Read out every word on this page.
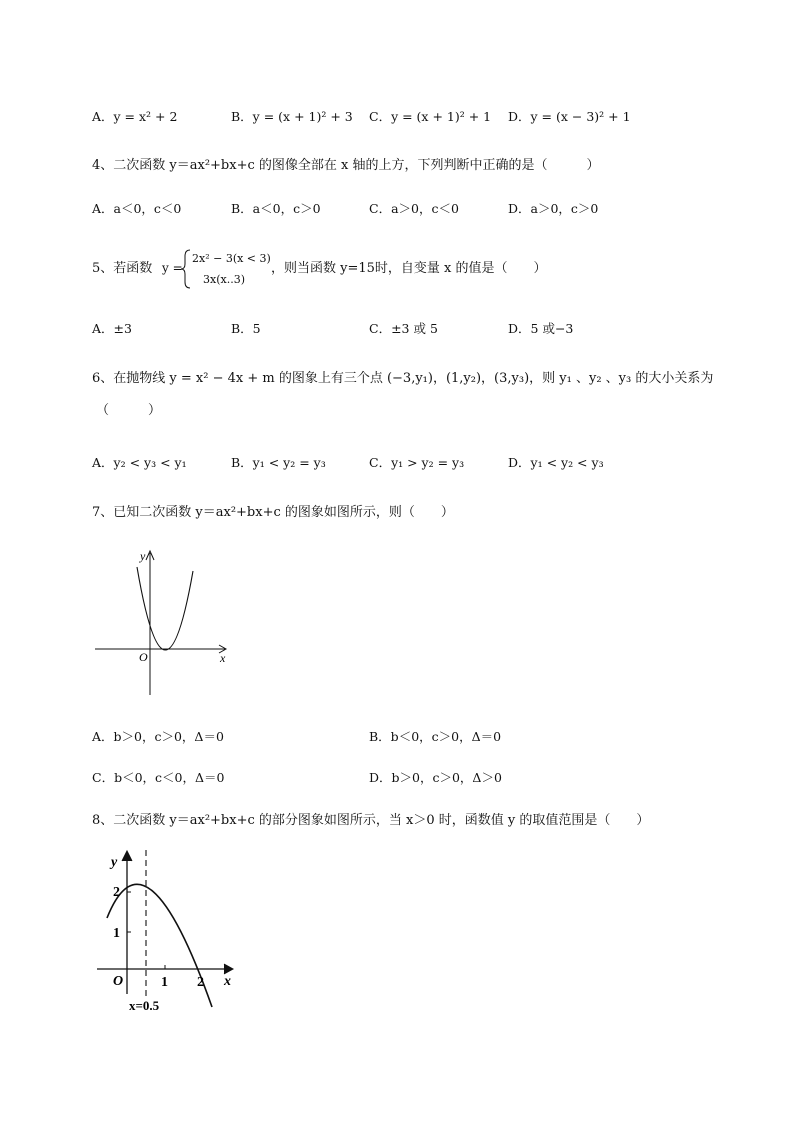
A．y = x² + 2	B．y = (x + 1)² + 3 C．y = (x + 1)² + 1 D．y = (x − 3)² + 1
4、二次函数 y＝ax²+bx+c 的图像全部在 x 轴的上方，下列判断中正确的是（　　　）
A．a＜0，c＜0	B．a＜0，c＞0	C．a＞0，c＜0	D．a＞0，c＞0
5、若函数 y =
2x² − 3(x < 3)
3x(x..3)
，则当函数 y=15时，自变量 x 的值是（　　）
A．±3	B．5	C．±3 或 5	D．5 或−3
6、在抛物线 y = x² − 4x + m 的图象上有三个点 (−3,y₁)，(1,y₂)，(3,y₃)，则 y₁ 、y₂ 、y₃ 的大小关系为
（　　　）
A．y₂ < y₃ < y₁	B．y₁ < y₂ = y₃	C．y₁ > y₂ = y₃	D．y₁ < y₂ < y₃
7、已知二次函数 y＝ax²+bx+c 的图象如图所示，则（　　）
y
x
O
A．b＞0，c＞0，Δ＝0	B．b＜0，c＞0，Δ＝0
C．b＜0，c＜0，Δ＝0	D．b＞0，c＞0，Δ＞0
8、二次函数 y＝ax²+bx+c 的部分图象如图所示，当 x＞0 时，函数值 y 的取值范围是（　　）
y
x
O
2
1
1 2
x=0.5
